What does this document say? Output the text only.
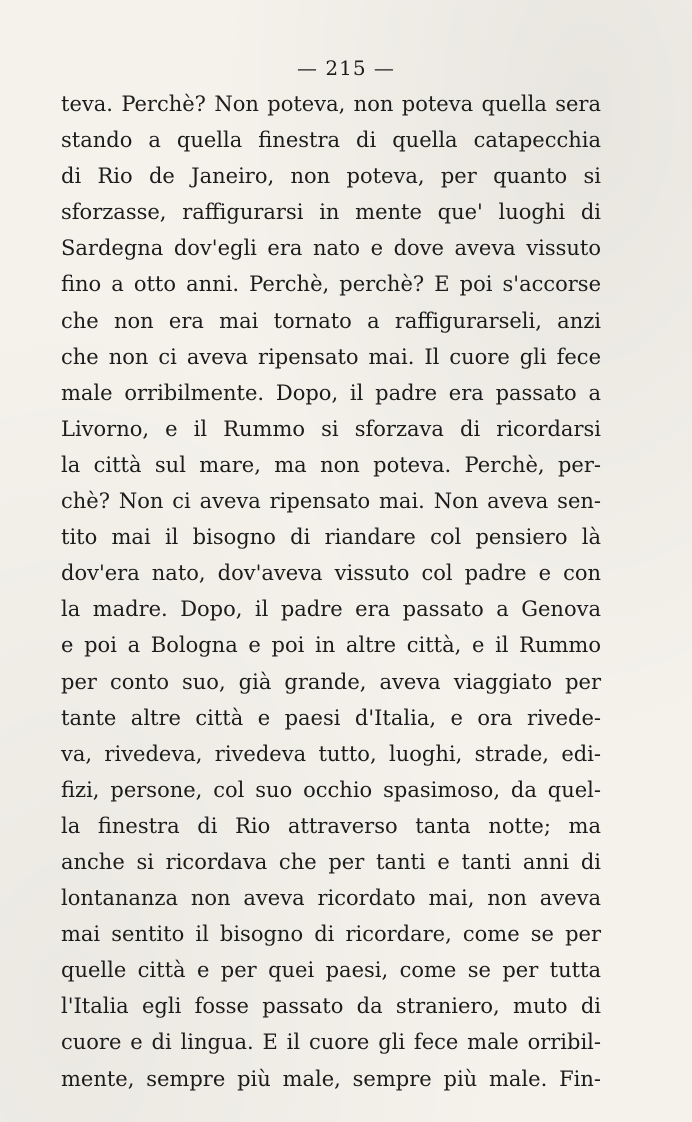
— 215 —
teva. Perchè? Non poteva, non poteva quella sera
stando a quella finestra di quella catapecchia
di Rio de Janeiro, non poteva, per quanto si
sforzasse, raffigurarsi in mente que' luoghi di
Sardegna dov'egli era nato e dove aveva vissuto
fino a otto anni. Perchè, perchè? E poi s'accorse
che non era mai tornato a raffigurarseli, anzi
che non ci aveva ripensato mai. Il cuore gli fece
male orribilmente. Dopo, il padre era passato a
Livorno, e il Rummo si sforzava di ricordarsi
la città sul mare, ma non poteva. Perchè, per-
chè? Non ci aveva ripensato mai. Non aveva sen-
tito mai il bisogno di riandare col pensiero là
dov'era nato, dov'aveva vissuto col padre e con
la madre. Dopo, il padre era passato a Genova
e poi a Bologna e poi in altre città, e il Rummo
per conto suo, già grande, aveva viaggiato per
tante altre città e paesi d'Italia, e ora rivede-
va, rivedeva, rivedeva tutto, luoghi, strade, edi-
fizi, persone, col suo occhio spasimoso, da quel-
la finestra di Rio attraverso tanta notte; ma
anche si ricordava che per tanti e tanti anni di
lontananza non aveva ricordato mai, non aveva
mai sentito il bisogno di ricordare, come se per
quelle città e per quei paesi, come se per tutta
l'Italia egli fosse passato da straniero, muto di
cuore e di lingua. E il cuore gli fece male orribil-
mente, sempre più male, sempre più male. Fin-
